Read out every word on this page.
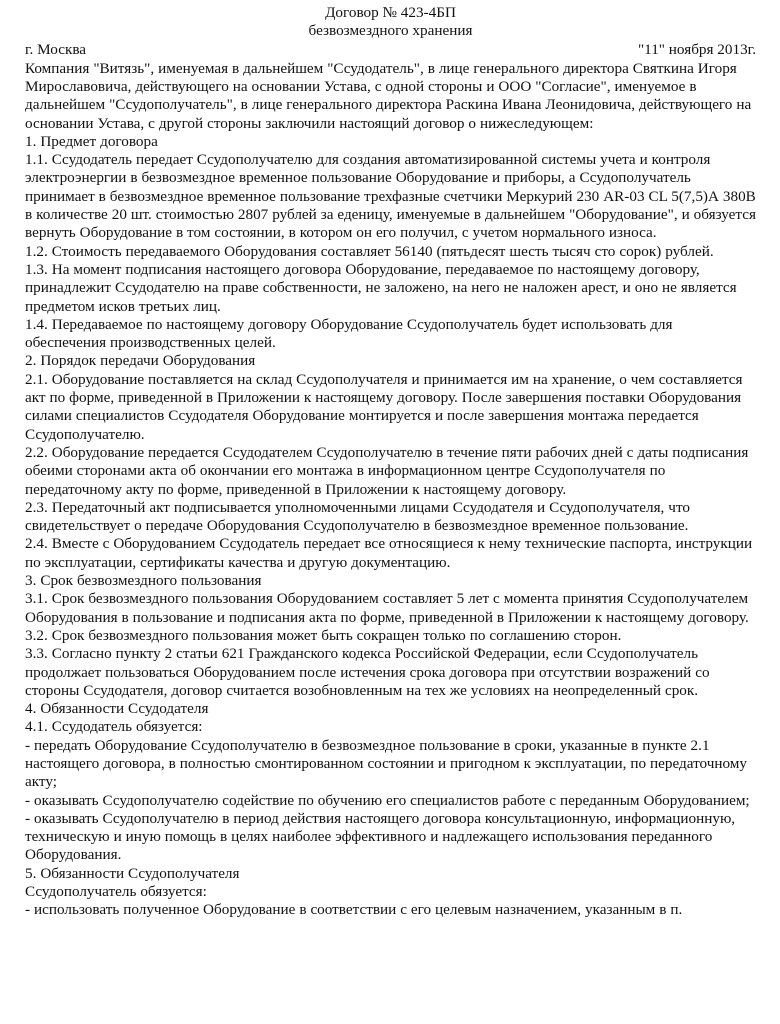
Договор № 423-4БП
безвозмездного хранения
г. Москва	"11" ноября 2013г.

Компания "Витязь", именуемая в дальнейшем "Ссудодатель", в лице генерального директора Святкина Игоря Мирославовича, действующего на основании Устава, с одной стороны и ООО "Согласие", именуемое в дальнейшем "Ссудополучатель", в лице генерального директора Раскина Ивана Леонидовича, действующего на основании Устава, с другой стороны заключили настоящий договор о нижеследующем:

1. Предмет договора

1.1. Ссудодатель передает Ссудополучателю для создания автоматизированной системы учета и контроля электроэнергии в безвозмездное временное пользование Оборудование и приборы, а Ссудополучатель принимает в безвозмездное временное пользование трехфазные счетчики Меркурий 230 AR-03 CL 5(7,5)А 380В в количестве 20 шт. стоимостью 2807 рублей за еденицу, именуемые в дальнейшем "Оборудование", и обязуется вернуть Оборудование в том состоянии, в котором он его получил, с учетом нормального износа.

1.2. Стоимость передаваемого Оборудования составляет 56140 (пятьдесят шесть тысяч сто сорок) рублей.

1.3. На момент подписания настоящего договора Оборудование, передаваемое по настоящему договору, принадлежит Ссудодателю на праве собственности, не заложено, на него не наложен арест, и оно не является предметом исков третьих лиц.

1.4. Передаваемое по настоящему договору Оборудование Ссудополучатель будет использовать для обеспечения производственных целей.

2. Порядок передачи Оборудования

2.1. Оборудование поставляется на склад Ссудополучателя и принимается им на хранение, о чем составляется акт по форме, приведенной в Приложении к настоящему договору. После завершения поставки Оборудования силами специалистов Ссудодателя Оборудование монтируется и после завершения монтажа передается Ссудополучателю.

2.2. Оборудование передается Ссудодателем Ссудополучателю в течение пяти рабочих дней с даты подписания обеими сторонами акта об окончании его монтажа в информационном центре Ссудополучателя по передаточному акту по форме, приведенной в Приложении к настоящему договору.

2.3. Передаточный акт подписывается уполномоченными лицами Ссудодателя и Ссудополучателя, что свидетельствует о передаче Оборудования Ссудополучателю в безвозмездное временное пользование.

2.4. Вместе с Оборудованием Ссудодатель передает все относящиеся к нему технические паспорта, инструкции по эксплуатации, сертификаты качества и другую документацию.

3. Срок безвозмездного пользования

3.1. Срок безвозмездного пользования Оборудованием составляет 5 лет с момента принятия Ссудополучателем Оборудования в пользование и подписания акта по форме, приведенной в Приложении к настоящему договору.

3.2. Срок безвозмездного пользования может быть сокращен только по соглашению сторон.

3.3. Согласно пункту 2 статьи 621 Гражданского кодекса Российской Федерации, если Ссудополучатель продолжает пользоваться Оборудованием после истечения срока договора при отсутствии возражений со стороны Ссудодателя, договор считается возобновленным на тех же условиях на неопределенный срок.

4. Обязанности Ссудодателя

4.1. Ссудодатель обязуется:

- передать Оборудование Ссудополучателю в безвозмездное пользование в сроки, указанные в пункте 2.1 настоящего договора, в полностью смонтированном состоянии и пригодном к эксплуатации, по передаточному акту;

- оказывать Ссудополучателю содействие по обучению его специалистов работе с переданным Оборудованием;

- оказывать Ссудополучателю в период действия настоящего договора консультационную, информационную, техническую и иную помощь в целях наиболее эффективного и надлежащего использования переданного Оборудования.

5. Обязанности Ссудополучателя

Ссудополучатель обязуется:

- использовать полученное Оборудование в соответствии с его целевым назначением, указанным в п.
